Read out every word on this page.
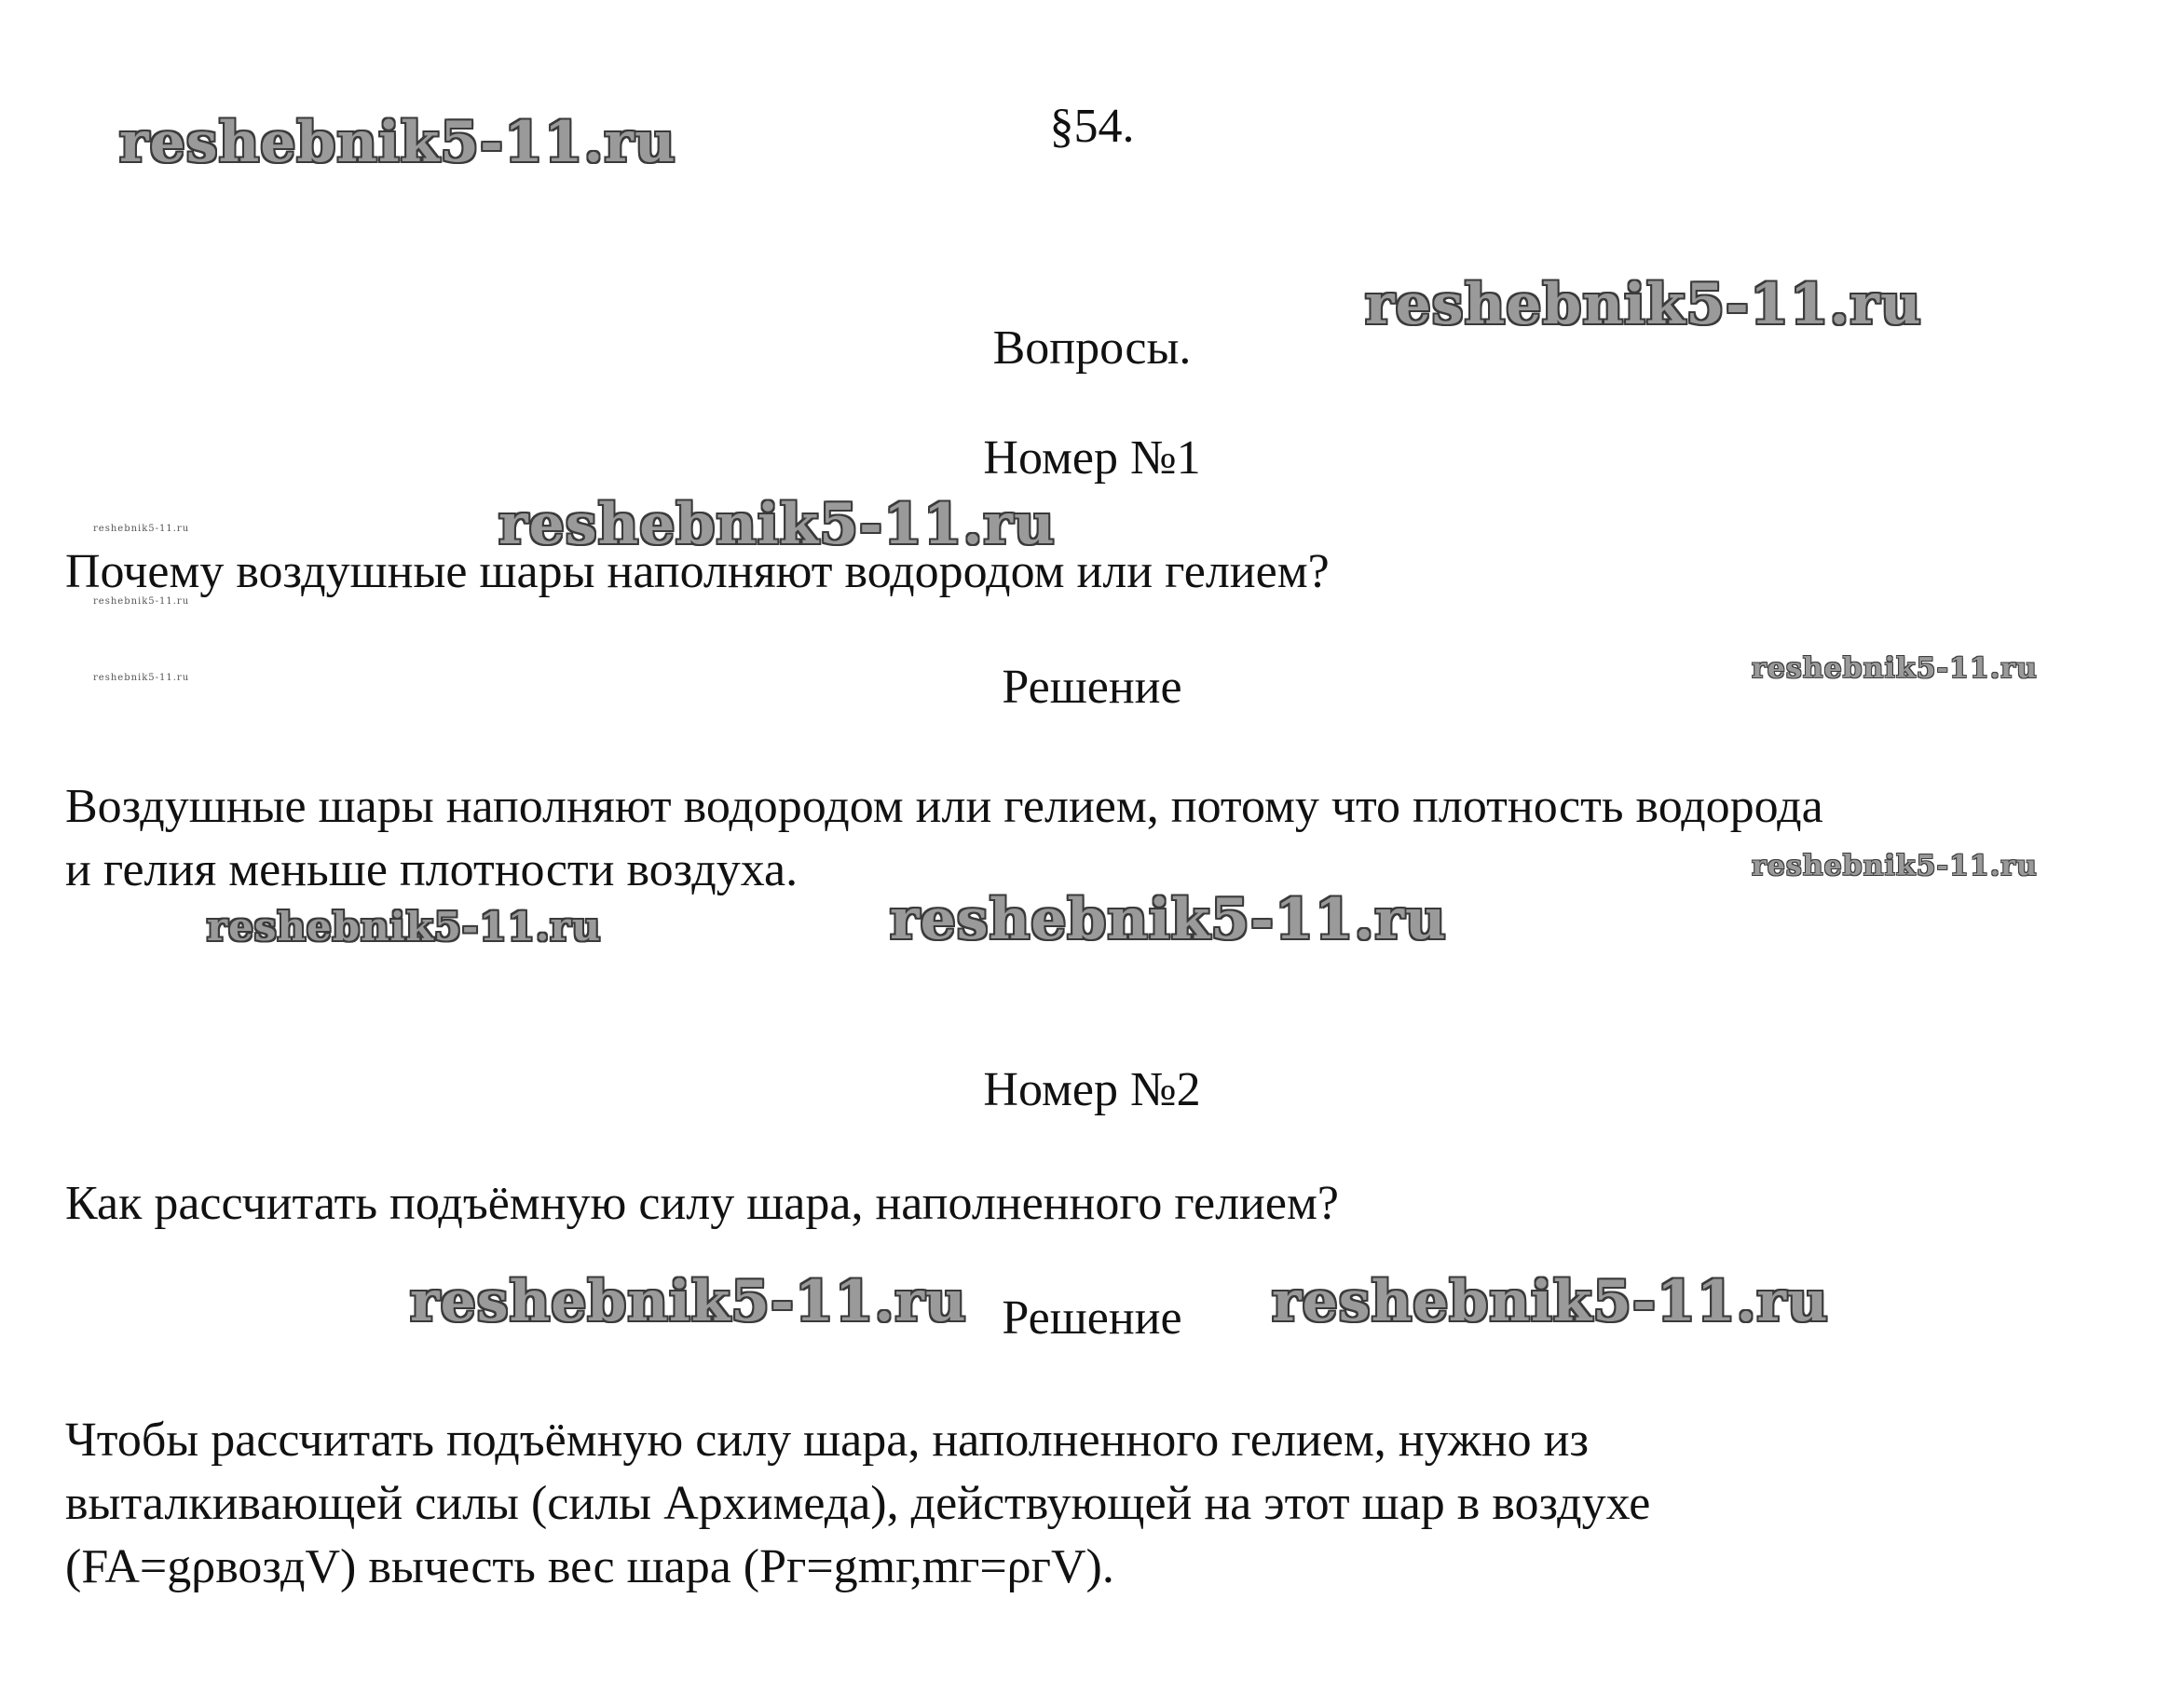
reshebnik5-11.ru
reshebnik5-11.ru
reshebnik5-11.ru
reshebnik5-11.ru
reshebnik5-11.ru
reshebnik5-11.ru	reshebnik5-11.ru
reshebnik5-11.ru
reshebnik5-11.ru	reshebnik5-11.ru
reshebnik5-11.ru	reshebnik5-11.ru
§54.
Вопросы.
Номер №1
Почему воздушные шары наполняют водородом или гелием?
Решение
Воздушные шары наполняют водородом или гелием, потому что плотность водорода
и гелия меньше плотности воздуха.
Номер №2
Как рассчитать подъёмную силу шара, наполненного гелием?
Решение
Чтобы рассчитать подъёмную силу шара, наполненного гелием, нужно из
выталкивающей силы (силы Архимеда), действующей на этот шар в воздухе
(FA=gρвоздV) вычесть вес шара (Pг=gmг,mг=ρгV).
